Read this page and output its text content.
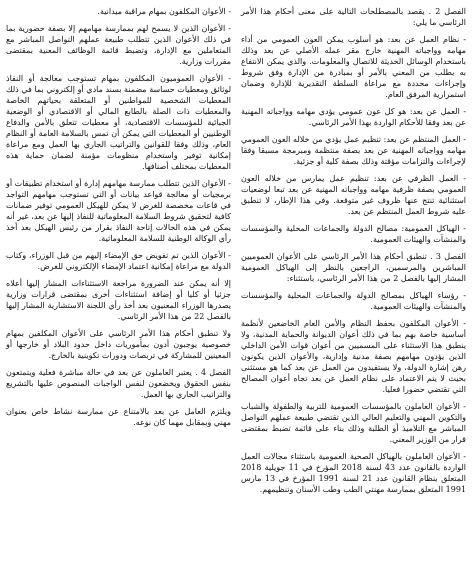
الفصل 2 . يقصد بالمصطلحات التالية على معنى أحكام هذا الأمر الرئاسي ما يلي:

- نظام العمل عن بعد: هو أسلوب يمكن العون العمومي من أداء مهامه وواجباته المهنية خارج مقر عمله الأصلي عن بعد وذلك باستخدام الوسائل الحديثة للاتصال والمعلومات. والذي يمكن الانتفاع به بطلب من المعني بالأمر أو بمبادرة من الإدارة وفق شروط وإجراءات محددة مع مراعاة السلطة التقديرية للإدارة وضمان استمرارية المرفق العام.

- العمل عن بعد: هو كل عون عمومي يؤدي مهامه وواجباته المهنية عن بعد وفقا للأحكام الواردة بهذا الأمر الرئاسي.

- العمل المنتظم عن بعد: تنظيم عمل يؤدي من خلاله العون العمومي مهامه وواجباته المهنية عن بعد بصفة منتظمة ومبرمجة مسبقا وفقا لإجراءات والتزامات مؤقتة وذلك بصفة كلية أو جزئية.

- العمل الظرفي عن بعد: تنظيم عمل يمارس من خلاله العون العمومي بصفة ظرفية مهامه وواجباته المهنية عن بعد تبعا لوضعيات استثنائية تنتج عنها ظروف غير متوقعة. وفي هذا الإطار، لا تنطبق عليه شروط العمل المنتظم عن بعد.

- الهياكل العمومية: مصالح الدولة والجماعات المحلية والمؤسسات والمنشآت والهيئات العمومية.

الفصل 3 . تنطبق أحكام هذا الأمر الرئاسي على الأعوان العموميين المباشرين والمرسمين، الراجعين بالنظر إلى الهياكل العمومية المشار إليها بالفصل 2 من هذا الأمر الرئاسي، باستثناء:

- رؤساء الهياكل بمصالح الدولة والجماعات المحلية والمؤسسات والمنشآت والهيئات العمومية.

- الأعوان المكلفون بحفظ النظام والأمن العام الخاضعين لأنظمة أساسية خاصة بهم بما في ذلك أعوان الديوانة والحماية المدنية، ولا ينطبق هذا الاستثناء على المسميين من أعوان قوات الأمن الداخلي الذين يؤدون مهامهم بصفة مدنية وإدارية، والأعوان الذين يكونون رهن إشارة الدولة، ولا يستفيدون من العمل عن بعد كما هو مستثنى بحيث لا يتم الاعتماد على نظام العمل عن بعد تجاه أعوان المصالح التي تقتضي حضورا فعليا.

- الأعوان العاملون بالمؤسسات العمومية للتربية والطفولة والشباب والتكوين المهني والتعليم العالي الذين تقتضي طبيعة عملهم التواصل المباشر مع التلاميذ أو الطلبة وذلك بناء على قائمة تضبط بمقتضى قرار من الوزير المعني.

- الأعوان العاملون بالهياكل الصحية العمومية باستثناء مجالات العمل الواردة بالقانون عدد 43 لسنة 2018 المؤرخ في 11 جويلية 2018 المتعلق بنظام القانون عدد 21 لسنة 1991 المؤرخ في 13 مارس 1991 المتعلق بممارسة مهنتي الطب وطب الأسنان وتنظيمهم.

- الأعوان المكلفون بمهام مراقبة ميدانية.

- الأعوان الذين لا يسمح لهم بممارسة مهامهم إلا بصفة حضورية بما في ذلك الأعوان الذين تتطلب طبيعة عملهم التواصل المباشر مع المتعاملين مع الإدارة، وتضبط قائمة الوظائف المعنية بمقتضى مقررات وزارية.

- الأعوان العموميون المكلفون بمهام تستوجب معالجة أو النفاذ لوثائق ومعطيات حساسة مضمنة بسند مادي أو إلكتروني بما في ذلك المعطيات الشخصية للمواطنين أو المتعلقة بحياتهم الخاصة والمعطيات ذات الصلة بالطابع المالي أو الاقتصادي أو الوضعية الجبائية للمؤسسات الاقتصادية، أو معطيات تتعلق بالأمن والدفاع الوطنيين أو المعطيات التي يمكن أن تمس بالسلامة العامة أو النظام العام، وذلك وفقا للقوانين والتراتيب الجاري بها العمل ومع مراعاة إمكانية توفير واستخدام منظومات مؤمنة لضمان حماية هذه المعطيات بمختلف أصنافها.

- الأعوان الذين تتطلب ممارسة مهامهم إدارة أو استخدام تطبيقات أو برمجيات أو معالجة قواعد بيانات أو التي تستوجب مهامهم التواجد في قاعات مخصصة للغرض لا يمكن للهيكل العمومي توفير ضمانات كافية لتحقيق شروط السلامة المعلوماتية للنفاذ إليها عن بعد، غير أنه يمكن في هذه الحالات إتاحة النفاذ بقرار من رئيس الهيكل بعد أخذ رأي الوكالة الوطنية للسلامة المعلوماتية.

- الأعوان الذين تم تفويض حق الإمضاء إليهم من قبل الوزراء، وكتاب الدولة مع مراعاة إمكانية اعتماد الإمضاء الإلكتروني للغرض.

إلا أنه يمكن عند الضرورة مراجعة الاستثناءات المشار إليها أعلاه جزئيا أو كليا أو إضافة استثناءات أخرى بمقتضى قرارات وزارية يصدرها الوزراء المعنيون بعد أخذ رأي اللجنة الاستشارية المشار إليها بالفصل 22 من هذا الأمر الرئاسي.

ولا تنطبق أحكام هذا الأمر الرئاسي على الأعوان المكلفين بمهام خصوصية يوجبون أدون بمأموريات داخل حدود البلاد أو خارجها أو المعينين للمشاركة في تربصات ودورات تكوينية بالخارج.

الفصل 4 . يعتبر العاملون عن بعد في حالة مباشرة فعلية ويتمتعون بنفس الحقوق ويخضعون لنفس الواجبات المنصوص عليها بالتشريع والتراتيب الجاري بها العمل.

ويلتزم العامل عن بعد بالامتناع عن ممارسة نشاط خاص بعنوان مهني وبمقابل مهما كان نوعه.
